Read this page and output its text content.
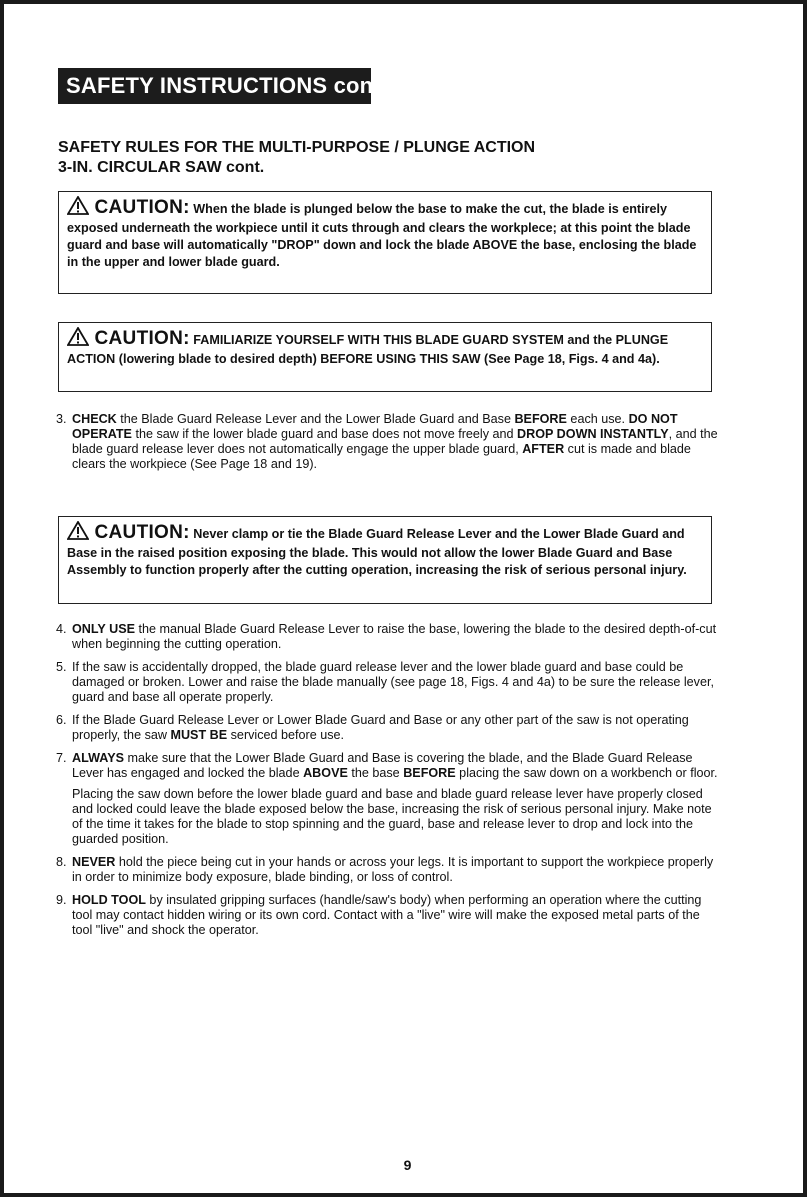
SAFETY INSTRUCTIONS cont.
SAFETY RULES FOR THE MULTI-PURPOSE / PLUNGE ACTION
3-IN. CIRCULAR SAW cont.
CAUTION: When the blade is plunged below the base to make the cut, the blade is entirely exposed underneath the workpiece until it cuts through and clears the workplece; at this point the blade guard and base will automatically "DROP" down and lock the blade ABOVE the base, enclosing the blade in the upper and lower blade guard.
CAUTION: FAMILIARIZE YOURSELF WITH THIS BLADE GUARD SYSTEM and the PLUNGE ACTION (lowering blade to desired depth) BEFORE USING THIS SAW (See Page 18, Figs. 4 and 4a).
3. CHECK the Blade Guard Release Lever and the Lower Blade Guard and Base BEFORE each use. DO NOT OPERATE the saw if the lower blade guard and base does not move freely and DROP DOWN INSTANTLY, and the blade guard release lever does not automatically engage the upper blade guard, AFTER cut is made and blade clears the workpiece (See Page 18 and 19).

CAUTION: Never clamp or tie the Blade Guard Release Lever and the Lower Blade Guard and Base in the raised position exposing the blade. This would not allow the lower Blade Guard and Base Assembly to function properly after the cutting operation, increasing the risk of serious personal injury.
4. ONLY USE the manual Blade Guard Release Lever to raise the base, lowering the blade to the desired depth-of-cut when beginning the cutting operation.

5. If the saw is accidentally dropped, the blade guard release lever and the lower blade guard and base could be damaged or broken. Lower and raise the blade manually (see page 18, Figs. 4 and 4a) to be sure the release lever, guard and base all operate properly.

6. If the Blade Guard Release Lever or Lower Blade Guard and Base or any other part of the saw is not operating properly, the saw MUST BE serviced before use.

7. ALWAYS make sure that the Lower Blade Guard and Base is covering the blade, and the Blade Guard Release Lever has engaged and locked the blade ABOVE the base BEFORE placing the saw down on a workbench or floor.

Placing the saw down before the lower blade guard and base and blade guard release lever have properly closed and locked could leave the blade exposed below the base, increasing the risk of serious personal injury. Make note of the time it takes for the blade to stop spinning and the guard, base and release lever to drop and lock into the guarded position.

8. NEVER hold the piece being cut in your hands or across your legs. It is important to support the workpiece properly in order to minimize body exposure, blade binding, or loss of control.

9. HOLD TOOL by insulated gripping surfaces (handle/saw's body) when performing an operation where the cutting tool may contact hidden wiring or its own cord. Contact with a "live" wire will make the exposed metal parts of the tool "live" and shock the operator.

9
